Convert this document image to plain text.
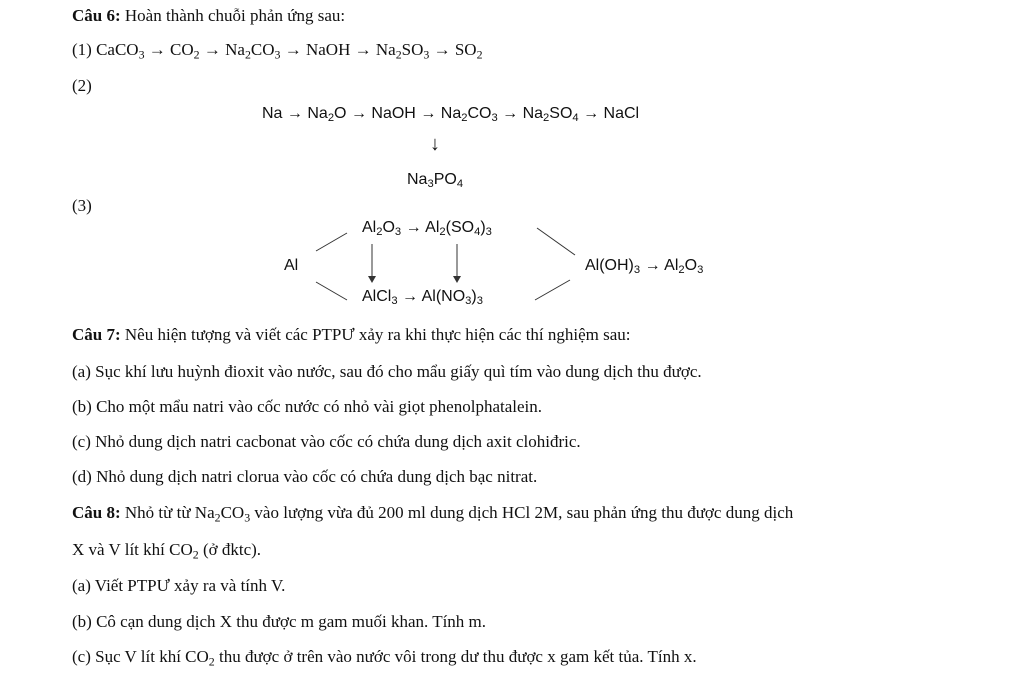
Câu 6: Hoàn thành chuỗi phản ứng sau:
(1) CaCO$_3$ → $CO_2 \to Na_2CO_3$ → NaOH → $Na_2SO_3 \to SO_2$
(2)
$Na \to Na_2O$ → NaOH → $Na_2CO_3 \to Na_2SO_4$ → NaCl
↓
$Na_3PO_4$
(3)
Al
$Al_2O_3 \to Al_2(SO_4)_3$
AlCl$_3$ → $Al(NO_3)_3$
$Al(OH)_3 \to Al_2O_3$
Câu 7: Nêu hiện tượng và viết các PTPƯ xảy ra khi thực hiện các thí nghiệm sau:
(a) Sục khí lưu huỳnh đioxit vào nước, sau đó cho mẩu giấy quì tím vào dung dịch thu được.
(b) Cho một mẩu natri vào cốc nước có nhỏ vài giọt phenolphatalein.
(c) Nhỏ dung dịch natri cacbonat vào cốc có chứa dung dịch axit clohiđric.
(d) Nhỏ dung dịch natri clorua vào cốc có chứa dung dịch bạc nitrat.
Câu 8: Nhỏ từ từ $Na_2CO_3$ vào lượng vừa đủ 200 ml dung dịch HCl 2M, sau phản ứng thu được dung dịch
X và V lít khí $CO_2$ (ở đktc).
(a) Viết PTPƯ xảy ra và tính V.
(b) Cô cạn dung dịch X thu được m gam muối khan. Tính m.
(c) Sục V lít khí $CO_2$ thu được ở trên vào nước vôi trong dư thu được x gam kết tủa. Tính x.
